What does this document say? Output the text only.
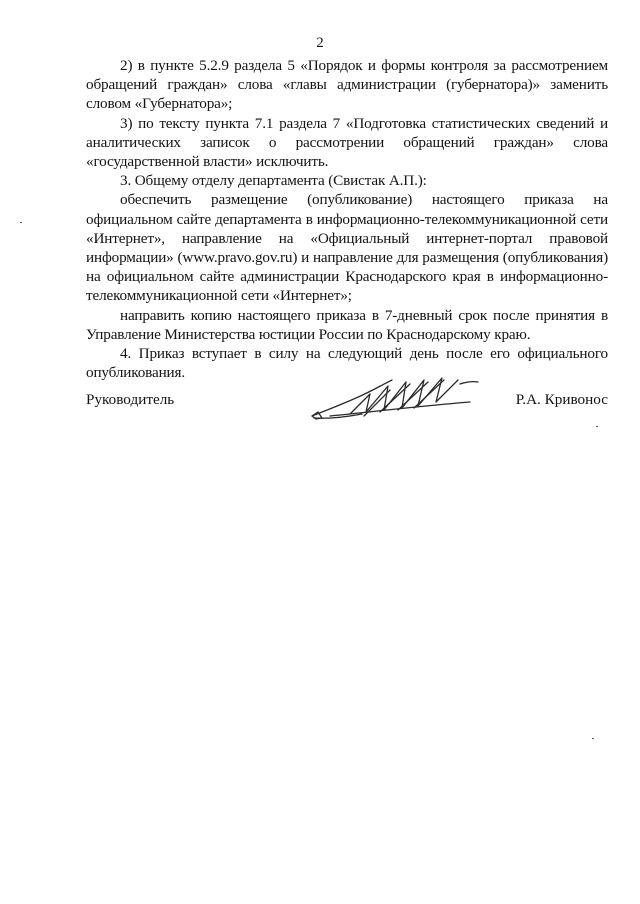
2

2) в пункте 5.2.9 раздела 5 «Порядок и формы контроля за рассмотрением обращений граждан» слова «главы администрации (губернатора)» заменить словом «Губернатора»;

3) по тексту пункта 7.1 раздела 7 «Подготовка статистических сведений и аналитических записок о рассмотрении обращений граждан» слова «государственной власти» исключить.

3. Общему отделу департамента (Свистак А.П.):

обеспечить размещение (опубликование) настоящего приказа на официальном сайте департамента в информационно-телекоммуникационной сети «Интернет», направление на «Официальный интернет-портал правовой информации» (www.pravo.gov.ru) и направление для размещения (опубликования) на официальном сайте администрации Краснодарского края в информационно-телекоммуникационной сети «Интернет»;

направить копию настоящего приказа в 7-дневный срок после принятия в Управление Министерства юстиции России по Краснодарскому краю.

4. Приказ вступает в силу на следующий день после его официального опубликования.

Руководитель	Р.А. Кривонос
